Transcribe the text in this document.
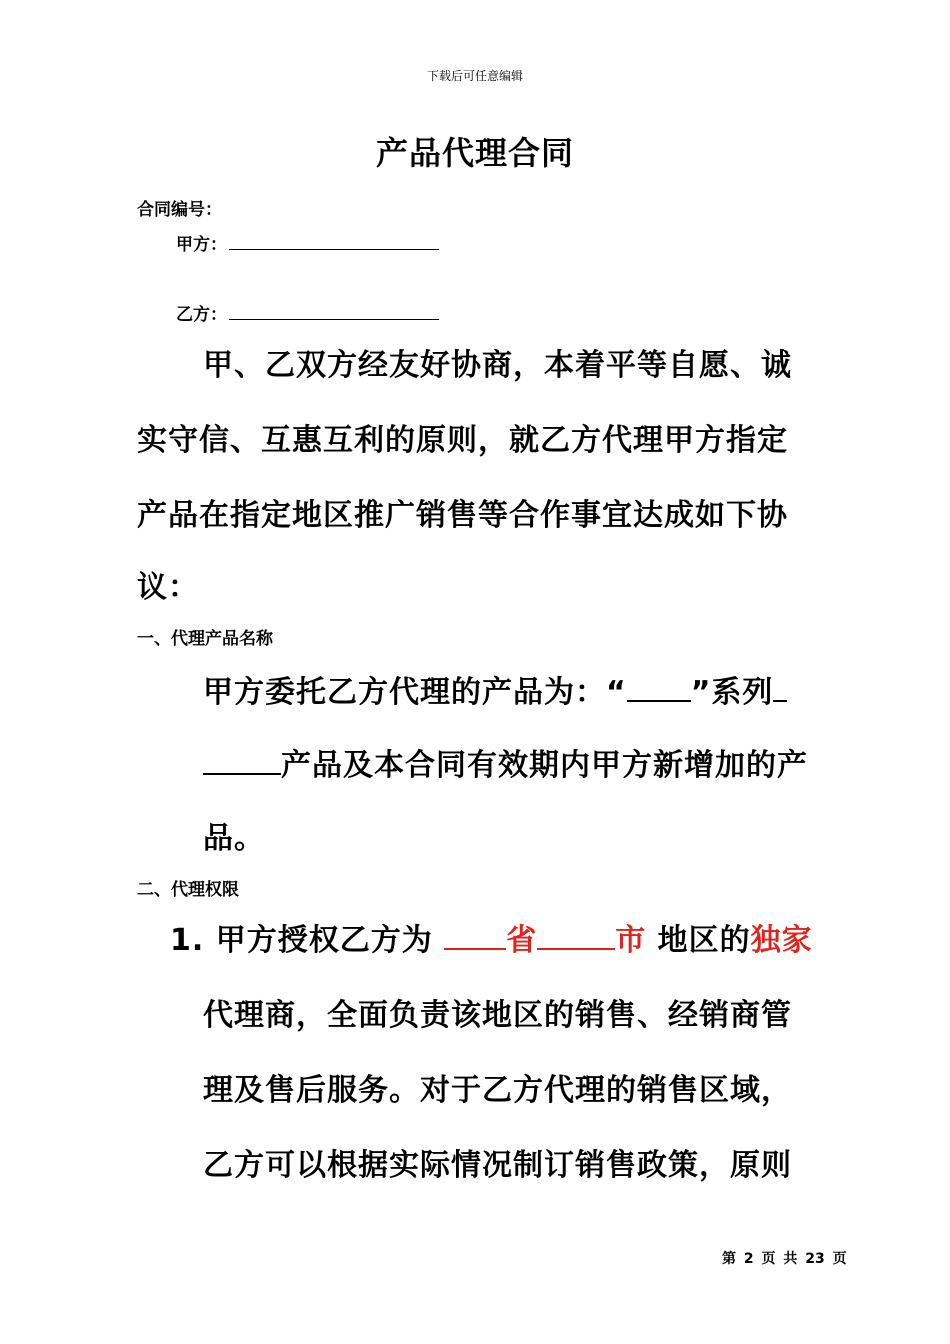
下载后可任意编辑
产品代理合同
合同编号：
甲方：
乙方：
甲、乙双方经友好协商，本着平等自愿、诚
实守信、互惠互利的原则，就乙方代理甲方指定
产品在指定地区推广销售等合作事宜达成如下协
议：
一、代理产品名称
甲方委托乙方代理的产品为：“ ”系列
产品及本合同有效期内甲方新增加的产
品。
二、代理权限
1. 甲方授权乙方为 省	市 地区的独家
代理商，全面负责该地区的销售、经销商管
理及售后服务。对于乙方代理的销售区域，
乙方可以根据实际情况制订销售政策，原则
第 2 页 共 23 页
